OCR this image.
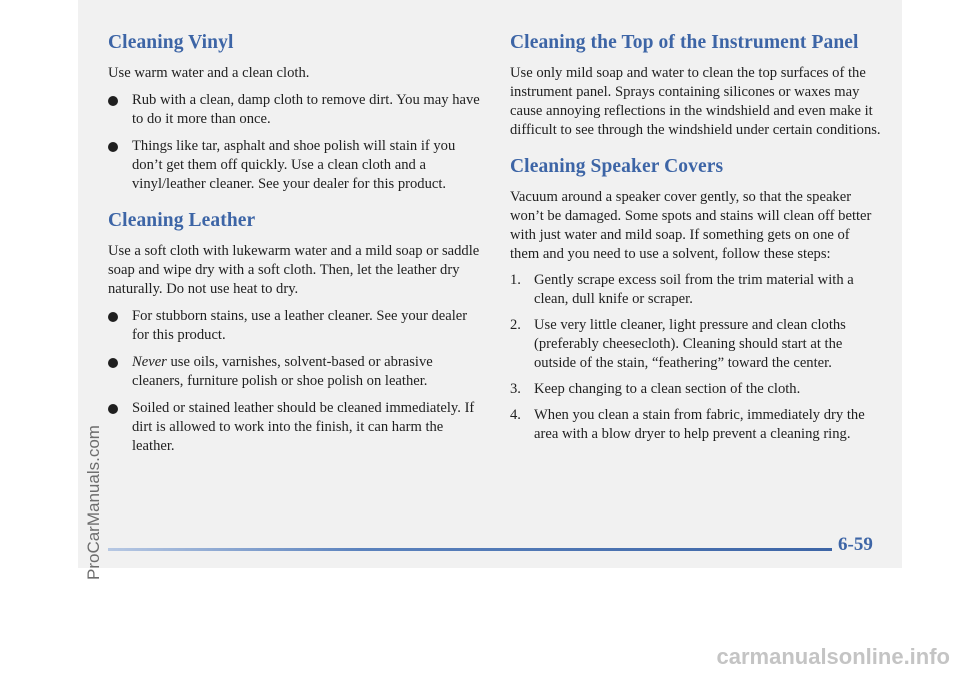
Cleaning Vinyl

Use warm water and a clean cloth.

Rub with a clean, damp cloth to remove dirt. You may have to do it more than once.
Things like tar, asphalt and shoe polish will stain if you don’t get them off quickly. Use a clean cloth and a vinyl/leather cleaner. See your dealer for this product.
Cleaning Leather

Use a soft cloth with lukewarm water and a mild soap or saddle soap and wipe dry with a soft cloth. Then, let the leather dry naturally. Do not use heat to dry.

For stubborn stains, use a leather cleaner. See your dealer for this product.
Never use oils, varnishes, solvent-based or abrasive cleaners, furniture polish or shoe polish on leather.
Soiled or stained leather should be cleaned immediately. If dirt is allowed to work into the finish, it can harm the leather.
Cleaning the Top of the Instrument Panel

Use only mild soap and water to clean the top surfaces of the instrument panel. Sprays containing silicones or waxes may cause annoying reflections in the windshield and even make it difficult to see through the windshield under certain conditions.

Cleaning Speaker Covers

Vacuum around a speaker cover gently, so that the speaker won’t be damaged. Some spots and stains will clean off better with just water and mild soap. If something gets on one of them and you need to use a solvent, follow these steps:

1. Gently scrape excess soil from the trim material with a clean, dull knife or scraper.
2. Use very little cleaner, light pressure and clean cloths (preferably cheesecloth). Cleaning should start at the outside of the stain, “feathering” toward the center.
3. Keep changing to a clean section of the cloth.
4. When you clean a stain from fabric, immediately dry the area with a blow dryer to help prevent a cleaning ring.
6-59
ProCarManuals.com
carmanualsonline.info
